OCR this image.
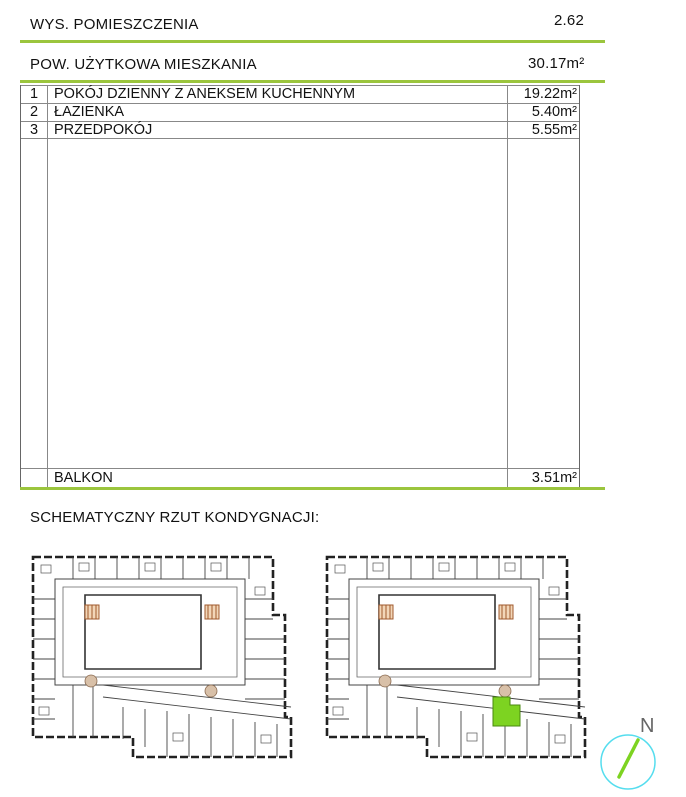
WYS. POMIESZCZENIA	2.62
POW. UŻYTKOWA MIESZKANIA	30.17m²
1	POKÓJ DZIENNY Z ANEKSEM KUCHENNYM	19.22m²
2	ŁAZIENKA	5.40m²
3	PRZEDPOKÓJ	5.55m²
BALKON	3.51m²
SCHEMATYCZNY RZUT KONDYGNACJI:
N
